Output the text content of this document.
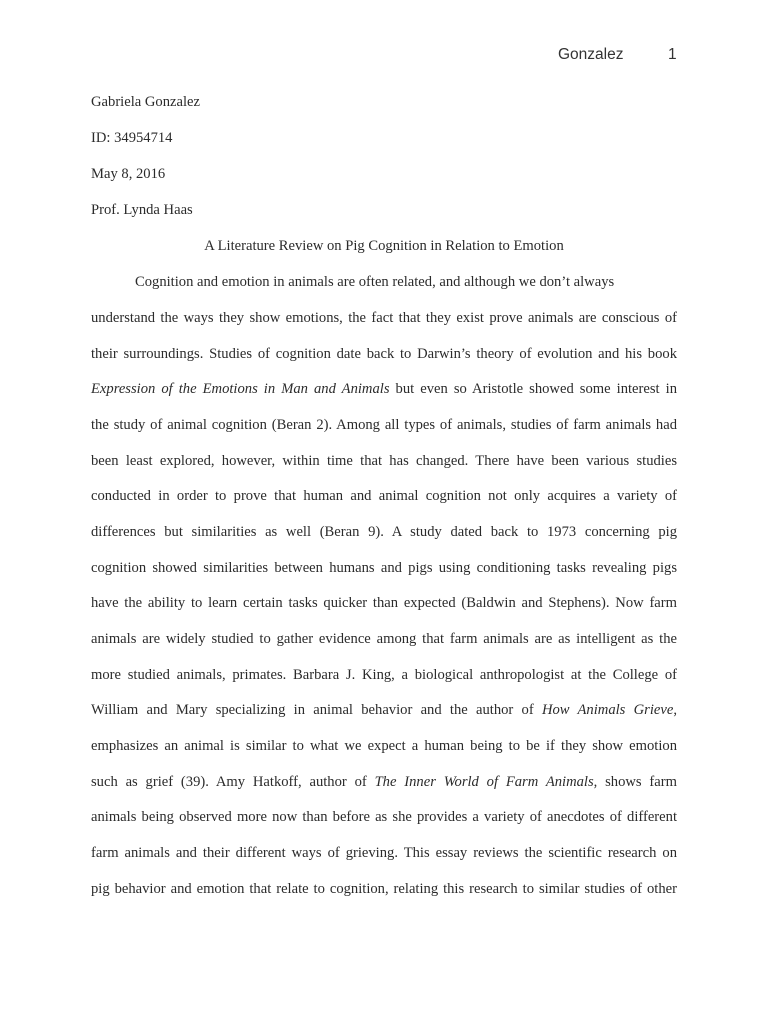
Gonzalez	1
Gabriela Gonzalez
ID: 34954714
May 8, 2016
Prof. Lynda Haas
A Literature Review on Pig Cognition in Relation to Emotion
Cognition and emotion in animals are often related, and although we don’t always
understand the ways they show emotions, the fact that they exist prove animals are conscious of
their surroundings. Studies of cognition date back to Darwin’s theory of evolution and his book
Expression of the Emotions in Man and Animals but even so Aristotle showed some interest in
the study of animal cognition (Beran 2). Among all types of animals, studies of farm animals had
been least explored, however, within time that has changed. There have been various studies
conducted in order to prove that human and animal cognition not only acquires a variety of
differences but similarities as well (Beran 9). A study dated back to 1973 concerning pig
cognition showed similarities between humans and pigs using conditioning tasks revealing pigs
have the ability to learn certain tasks quicker than expected (Baldwin and Stephens). Now farm
animals are widely studied to gather evidence among that farm animals are as intelligent as the
more studied animals, primates. Barbara J. King, a biological anthropologist at the College of
William and Mary specializing in animal behavior and the author of How Animals Grieve,
emphasizes an animal is similar to what we expect a human being to be if they show emotion
such as grief (39). Amy Hatkoff, author of The Inner World of Farm Animals, shows farm
animals being observed more now than before as she provides a variety of anecdotes of different
farm animals and their different ways of grieving. This essay reviews the scientific research on
pig behavior and emotion that relate to cognition, relating this research to similar studies of other
